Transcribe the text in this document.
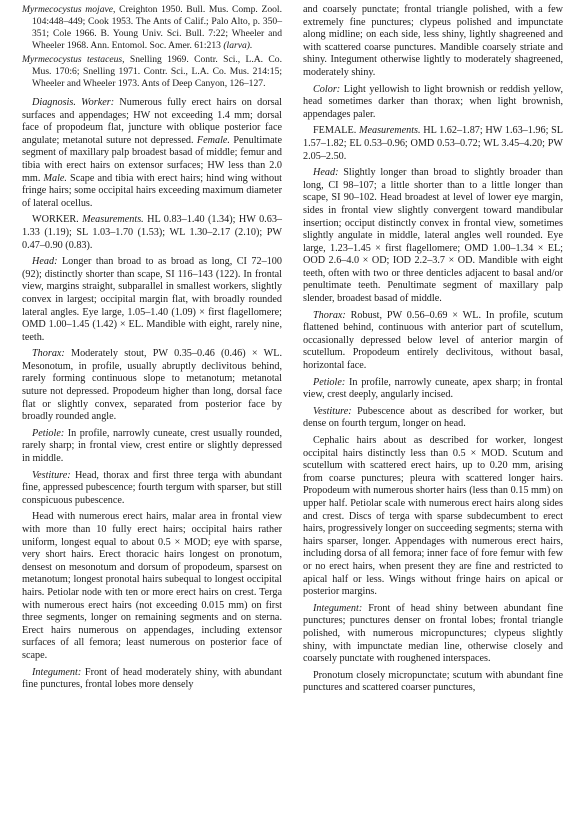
Myrmecocystus mojave, Creighton 1950. Bull. Mus. Comp. Zool. 104:448–449; Cook 1953. The Ants of Calif.; Palo Alto, p. 350–351; Cole 1966. B. Young Univ. Sci. Bull. 7:22; Wheeler and Wheeler 1968. Ann. Entomol. Soc. Amer. 61:213 (larva).

Myrmecocystus testaceus, Snelling 1969. Contr. Sci., L.A. Co. Mus. 170:6; Snelling 1971. Contr. Sci., L.A. Co. Mus. 214:15; Wheeler and Wheeler 1973. Ants of Deep Canyon, 126–127.

Diagnosis. Worker: Numerous fully erect hairs on dorsal surfaces and appendages; HW not exceeding 1.4 mm; dorsal face of propodeum flat, juncture with oblique posterior face angulate; metanotal suture not depressed. Female. Penultimate segment of maxillary palp broadest basad of middle; femur and tibia with erect hairs on extensor surfaces; HW less than 2.0 mm. Male. Scape and tibia with erect hairs; hind wing without fringe hairs; some occipital hairs exceeding maximum diameter of lateral ocellus.

WORKER. Measurements. HL 0.83–1.40 (1.34); HW 0.63–1.33 (1.19); SL 1.03–1.70 (1.53); WL 1.30–2.17 (2.10); PW 0.47–0.90 (0.83).

Head: Longer than broad to as broad as long, CI 72–100 (92); distinctly shorter than scape, SI 116–143 (122). In frontal view, margins straight, subparallel in smallest workers, slightly convex in largest; occipital margin flat, with broadly rounded lateral angles. Eye large, 1.05–1.40 (1.09) × first flagellomere; OMD 1.00–1.45 (1.42) × EL. Mandible with eight, rarely nine, teeth.

Thorax: Moderately stout, PW 0.35–0.46 (0.46) × WL. Mesonotum, in profile, usually abruptly declivitous behind, rarely forming continuous slope to metanotum; metanotal suture not depressed. Propodeum higher than long, dorsal face flat or slightly convex, separated from posterior face by broadly rounded angle.

Petiole: In profile, narrowly cuneate, crest usually rounded, rarely sharp; in frontal view, crest entire or slightly depressed in middle.

Vestiture: Head, thorax and first three terga with abundant fine, appressed pubescence; fourth tergum with sparser, but still conspicuous pubescence.

Head with numerous erect hairs, malar area in frontal view with more than 10 fully erect hairs; occipital hairs rather uniform, longest equal to about 0.5 × MOD; eye with sparse, very short hairs. Erect thoracic hairs longest on pronotum, densest on mesonotum and dorsum of propodeum, sparsest on metanotum; longest pronotal hairs subequal to longest occipital hairs. Petiolar node with ten or more erect hairs on crest. Terga with numerous erect hairs (not exceeding 0.015 mm) on first three segments, longer on remaining segments and on sterna. Erect hairs numerous on appendages, including extensor surfaces of all femora; least numerous on posterior face of scape.

Integument: Front of head moderately shiny, with abundant fine punctures, frontal lobes more densely

and coarsely punctate; frontal triangle polished, with a few extremely fine punctures; clypeus polished and impunctate along midline; on each side, less shiny, lightly shagreened and with scattered coarse punctures. Mandible coarsely striate and shiny. Integument otherwise lightly to moderately shagreened, moderately shiny.

Color: Light yellowish to light brownish or reddish yellow, head sometimes darker than thorax; when light brownish, appendages paler.

FEMALE. Measurements. HL 1.62–1.87; HW 1.63–1.96; SL 1.57–1.82; EL 0.53–0.96; OMD 0.53–0.72; WL 3.45–4.20; PW 2.05–2.50.

Head: Slightly longer than broad to slightly broader than long, CI 98–107; a little shorter than to a little longer than scape, SI 90–102. Head broadest at level of lower eye margin, sides in frontal view slightly convergent toward mandibular insertion; occiput distinctly convex in frontal view, sometimes slightly angulate in middle, lateral angles well rounded. Eye large, 1.23–1.45 × first flagellomere; OMD 1.00–1.34 × EL; OOD 2.6–4.0 × OD; IOD 2.2–3.7 × OD. Mandible with eight teeth, often with two or three denticles adjacent to basal and/or penultimate teeth. Penultimate segment of maxillary palp slender, broadest basad of middle.

Thorax: Robust, PW 0.56–0.69 × WL. In profile, scutum flattened behind, continuous with anterior part of scutellum, occasionally depressed below level of anterior margin of scutellum. Propodeum entirely declivitous, without basal, horizontal face.

Petiole: In profile, narrowly cuneate, apex sharp; in frontal view, crest deeply, angularly incised.

Vestiture: Pubescence about as described for worker, but dense on fourth tergum, longer on head.

Cephalic hairs about as described for worker, longest occipital hairs distinctly less than 0.5 × MOD. Scutum and scutellum with scattered erect hairs, up to 0.20 mm, arising from coarse punctures; pleura with scattered longer hairs. Propodeum with numerous shorter hairs (less than 0.15 mm) on upper half. Petiolar scale with numerous erect hairs along sides and crest. Discs of terga with sparse subdecumbent to erect hairs, progressively longer on succeeding segments; sterna with hairs sparser, longer. Appendages with numerous erect hairs, including dorsa of all femora; inner face of fore femur with few or no erect hairs, when present they are fine and restricted to apical half or less. Wings without fringe hairs on apical or posterior margins.

Integument: Front of head shiny between abundant fine punctures; punctures denser on frontal lobes; frontal triangle polished, with numerous micropunctures; clypeus slightly shiny, with impunctate median line, otherwise closely and coarsely punctate with roughened interspaces.

Pronotum closely micropunctate; scutum with abundant fine punctures and scattered coarser punctures,
